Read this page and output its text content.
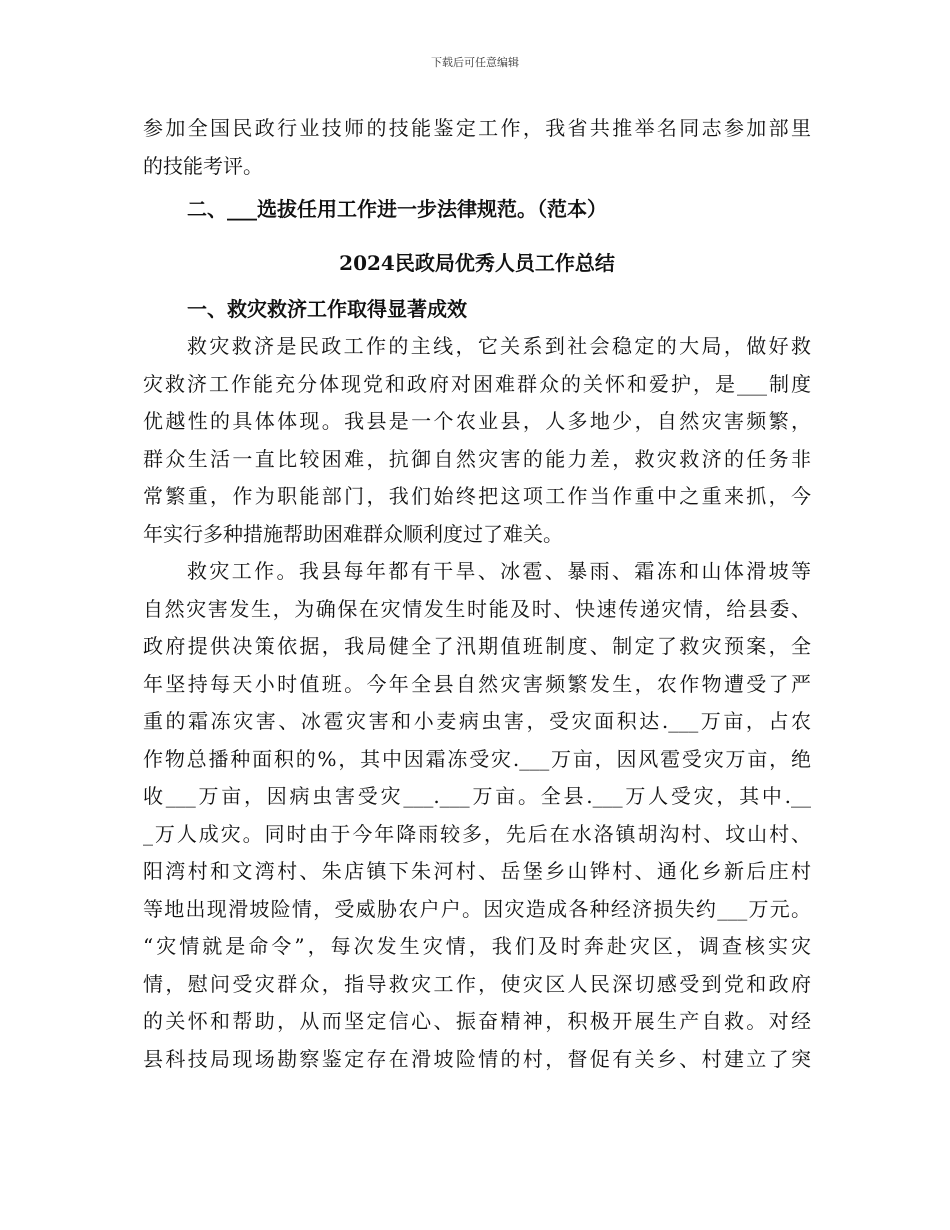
下载后可任意编辑
参加全国民政行业技师的技能鉴定工作，我省共推举名同志参加部里
的技能考评。
二、___选拔任用工作进一步法律规范。（范本）
2024民政局优秀人员工作总结
一、救灾救济工作取得显著成效
救灾救济是民政工作的主线，它关系到社会稳定的大局，做好救
灾救济工作能充分体现党和政府对困难群众的关怀和爱护，是___制度
优越性的具体体现。我县是一个农业县，人多地少，自然灾害频繁，
群众生活一直比较困难，抗御自然灾害的能力差，救灾救济的任务非
常繁重，作为职能部门，我们始终把这项工作当作重中之重来抓，今
年实行多种措施帮助困难群众顺利度过了难关。
救灾工作。我县每年都有干旱、冰雹、暴雨、霜冻和山体滑坡等
自然灾害发生，为确保在灾情发生时能及时、快速传递灾情，给县委、
政府提供决策依据，我局健全了汛期值班制度、制定了救灾预案，全
年坚持每天小时值班。今年全县自然灾害频繁发生，农作物遭受了严
重的霜冻灾害、冰雹灾害和小麦病虫害，受灾面积达.___万亩，占农
作物总播种面积的%，其中因霜冻受灾.___万亩，因风雹受灾万亩，绝
收___万亩，因病虫害受灾___.___万亩。全县.___万人受灾，其中.__
_万人成灾。同时由于今年降雨较多，先后在水洛镇胡沟村、坟山村、
阳湾村和文湾村、朱店镇下朱河村、岳堡乡山铧村、通化乡新后庄村
等地出现滑坡险情，受威胁农户户。因灾造成各种经济损失约___万元。
“灾情就是命令”，每次发生灾情，我们及时奔赴灾区，调查核实灾
情，慰问受灾群众，指导救灾工作，使灾区人民深切感受到党和政府
的关怀和帮助，从而坚定信心、振奋精神，积极开展生产自救。对经
县科技局现场勘察鉴定存在滑坡险情的村，督促有关乡、村建立了突
